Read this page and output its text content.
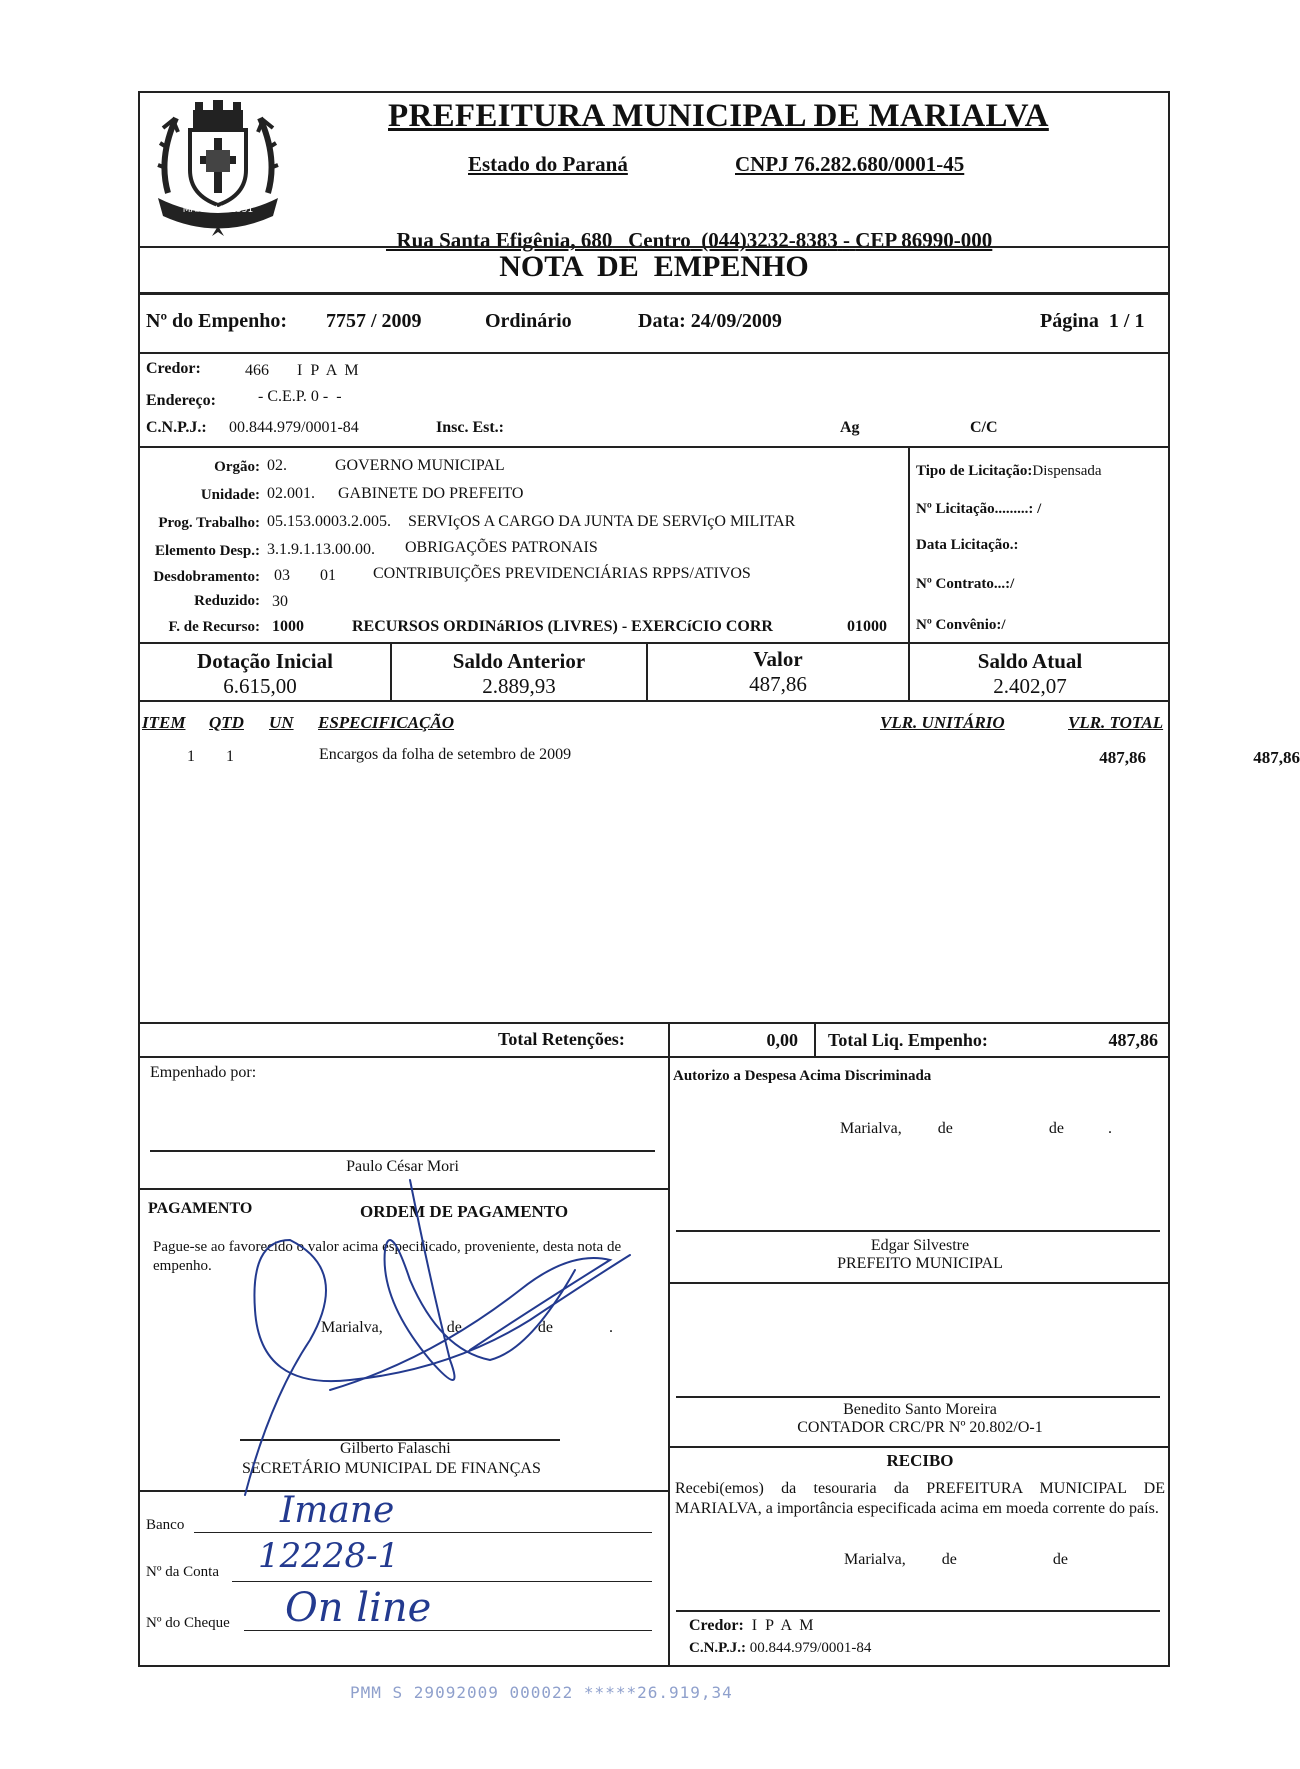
MARIALVA 1951
PREFEITURA MUNICIPAL DE MARIALVA
Estado do Paraná	CNPJ 76.282.680/0001-45

Rua Santa Efigênia, 680 Centro (044)3232-8383 - CEP 86990-000

NOTA  DE  EMPENHO
Nº do Empenho: 7757 / 2009	Ordinário	Data: 24/09/2009	Página 1 / 1
Credor:	466 I P A M
Endereço:	- C.E.P. 0 -  -
C.N.P.J.: 00.844.979/0001-84	Insc. Est.:	Ag	C/C
Orgão: 02.	GOVERNO MUNICIPAL
Unidade: 02.001. GABINETE DO PREFEITO
Prog. Trabalho: 05.153.0003.2.005. SERVIçOS A CARGO DA JUNTA DE SERVIçO MILITAR
Elemento Desp.: 3.1.9.1.13.00.00. OBRIGAÇÕES PATRONAIS
Desdobramento: 03 01 CONTRIBUIÇÕES PREVIDENCIÁRIAS RPPS/ATIVOS
Reduzido: 30
F. de Recurso: 1000	RECURSOS ORDINáRIOS (LIVRES) - EXERCíCIO CORR	01000
Tipo de Licitação:Dispensada
Nº Licitação.........: /
Data Licitação.:
Nº Contrato...:/
Nº Convênio:/
Dotação Inicial
6.615,00
Saldo Anterior
2.889,93
Valor
487,86
Saldo Atual
2.402,07
ITEM QTD UN ESPECIFICAÇÃO	VLR. UNITÁRIO	VLR. TOTAL
1 1	Encargos da folha de setembro de 2009	487,86	487,86
Total Retenções:	0,00 Total Liq. Empenho:	487,86
Empenhado por:
Paulo César Mori
PAGAMENTO	ORDEM DE PAGAMENTO
Pague-se ao favorecido o valor acima especificado, proveniente, desta nota de empenho.

Marialva,	de	de	.

Gilberto Falaschi
SECRETÁRIO MUNICIPAL DE FINANÇAS
Banco	Imane
Nº da Conta 12228-1
Nº do Cheque On line
Autorizo a Despesa Acima Discriminada

Marialva, de	de	.

Edgar Silvestre
PREFEITO MUNICIPAL
Benedito Santo Moreira
CONTADOR CRC/PR Nº 20.802/O-1
RECIBO
Recebi(emos) da tesouraria da PREFEITURA MUNICIPAL DE MARIALVA, a importância especificada acima em moeda corrente do país.

Marialva, de	de

Credor: I P A M
C.N.P.J.: 00.844.979/0001-84
PMM S 29092009 000022 *****26.919,34
